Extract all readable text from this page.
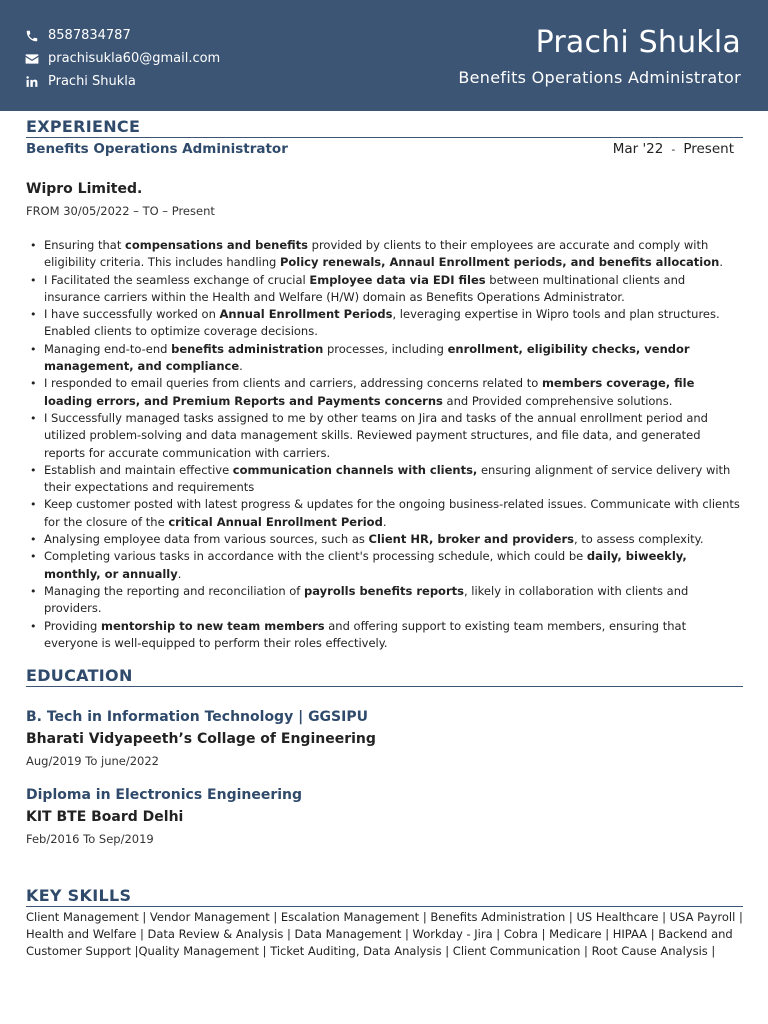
8587834787
prachisukla60@gmail.com
Prachi Shukla
Prachi Shukla
Benefits Operations Administrator
EXPERIENCE
Benefits Operations Administrator	Mar '22 - Present
Wipro Limited.
FROM 30/05/2022 – TO – Present
• Ensuring that compensations and benefits provided by clients to their employees are accurate and comply with eligibility criteria. This includes handling Policy renewals, Annaul Enrollment periods, and benefits allocation.
• I Facilitated the seamless exchange of crucial Employee data via EDI files between multinational clients and insurance carriers within the Health and Welfare (H/W) domain as Benefits Operations Administrator.
• I have successfully worked on Annual Enrollment Periods, leveraging expertise in Wipro tools and plan structures. Enabled clients to optimize coverage decisions.
• Managing end-to-end benefits administration processes, including enrollment, eligibility checks, vendor management, and compliance.
• I responded to email queries from clients and carriers, addressing concerns related to members coverage, file loading errors, and Premium Reports and Payments concerns and Provided comprehensive solutions.
• I Successfully managed tasks assigned to me by other teams on Jira and tasks of the annual enrollment period and utilized problem-solving and data management skills. Reviewed payment structures, and file data, and generated reports for accurate communication with carriers.
• Establish and maintain effective communication channels with clients, ensuring alignment of service delivery with their expectations and requirements
• Keep customer posted with latest progress & updates for the ongoing business-related issues. Communicate with clients for the closure of the critical Annual Enrollment Period.
• Analysing employee data from various sources, such as Client HR, broker and providers, to assess complexity.
• Completing various tasks in accordance with the client's processing schedule, which could be daily, biweekly, monthly, or annually.
• Managing the reporting and reconciliation of payrolls benefits reports, likely in collaboration with clients and providers.
• Providing mentorship to new team members and offering support to existing team members, ensuring that everyone is well-equipped to perform their roles effectively.
EDUCATION
B. Tech in Information Technology | GGSIPU
Bharati Vidyapeeth’s Collage of Engineering
Aug/2019 To june/2022
Diploma in Electronics Engineering
KIT BTE Board Delhi
Feb/2016 To Sep/2019
KEY SKILLS
Client Management | Vendor Management | Escalation Management | Benefits Administration | US Healthcare | USA Payroll | Health and Welfare | Data Review & Analysis | Data Management | Workday - Jira | Cobra | Medicare | HIPAA | Backend and Customer Support |Quality Management | Ticket Auditing, Data Analysis | Client Communication | Root Cause Analysis |
